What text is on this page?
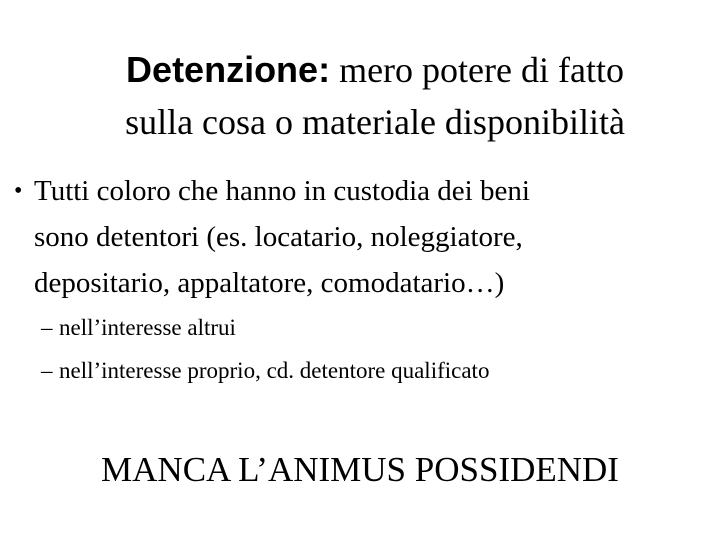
Detenzione: mero potere di fatto
sulla cosa o materiale disponibilità
• Tutti coloro che hanno in custodia dei beni
sono detentori (es. locatario, noleggiatore,
depositario, appaltatore, comodatario…)
– nell’interesse altrui
– nell’interesse proprio, cd. detentore qualificato
MANCA L’ANIMUS POSSIDENDI
